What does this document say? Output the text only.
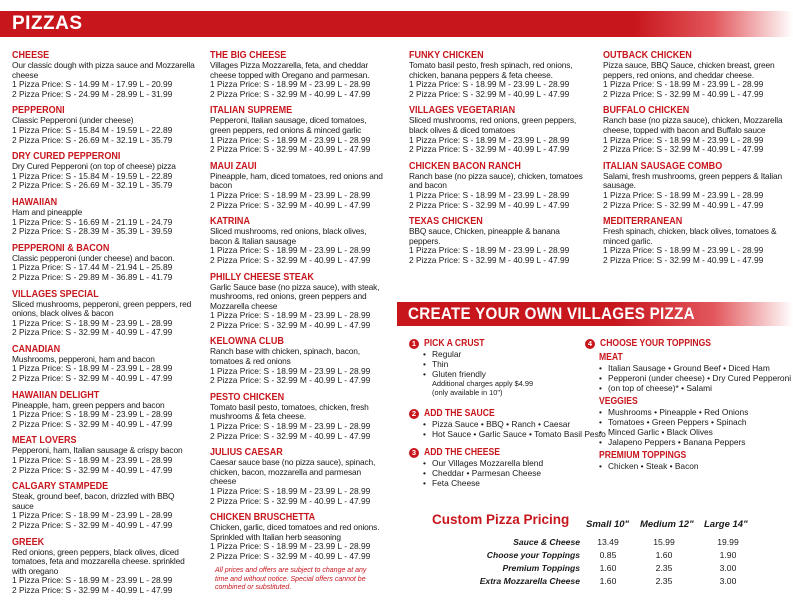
PIZZAS
CHEESE
Our classic dough with pizza sauce and Mozzarella cheese
1 Pizza Price: S - 14.99 M - 17.99 L - 20.99
2 Pizza Price: S - 24.99 M - 28.99 L - 31.99
PEPPERONI
Classic Pepperoni (under cheese)
1 Pizza Price: S - 15.84 M - 19.59 L - 22.89
2 Pizza Price: S - 26.69 M - 32.19 L - 35.79
DRY CURED PEPPERONI
Dry Cured Pepperoni (on top of cheese) pizza
1 Pizza Price: S - 15.84 M - 19.59 L - 22.89
2 Pizza Price: S - 26.69 M - 32.19 L - 35.79
HAWAIIAN
Ham and pineapple
1 Pizza Price: S - 16.69 M - 21.19 L - 24.79
2 Pizza Price: S - 28.39 M - 35.39 L - 39.59
PEPPERONI & BACON
Classic pepperoni (under cheese) and bacon.
1 Pizza Price: S - 17.44 M - 21.94 L - 25.89
2 Pizza Price: S - 29.89 M - 36.89 L - 41.79
VILLAGES SPECIAL
Sliced mushrooms, pepperoni, green peppers, red onions, black olives & bacon
1 Pizza Price: S - 18.99 M - 23.99 L - 28.99
2 Pizza Price: S - 32.99 M - 40.99 L - 47.99
CANADIAN
Mushrooms, pepperoni, ham and bacon
1 Pizza Price: S - 18.99 M - 23.99 L - 28.99
2 Pizza Price: S - 32.99 M - 40.99 L - 47.99
HAWAIIAN DELIGHT
Pineapple, ham, green peppers and bacon
1 Pizza Price: S - 18.99 M - 23.99 L - 28.99
2 Pizza Price: S - 32.99 M - 40.99 L - 47.99
MEAT LOVERS
Pepperoni, ham, Italian sausage & crispy bacon
1 Pizza Price: S - 18.99 M - 23.99 L - 28.99
2 Pizza Price: S - 32.99 M - 40.99 L - 47.99
CALGARY STAMPEDE
Steak, ground beef, bacon, drizzled with BBQ sauce
1 Pizza Price: S - 18.99 M - 23.99 L - 28.99
2 Pizza Price: S - 32.99 M - 40.99 L - 47.99
GREEK
Red onions, green peppers, black olives, diced tomatoes, feta and mozzarella cheese. sprinkled with oregano
1 Pizza Price: S - 18.99 M - 23.99 L - 28.99
2 Pizza Price: S - 32.99 M - 40.99 L - 47.99
THE BIG CHEESE
Villages Pizza Mozzarella, feta, and cheddar cheese topped with Oregano and parmesan.
1 Pizza Price: S - 18.99 M - 23.99 L - 28.99
2 Pizza Price: S - 32.99 M - 40.99 L - 47.99
ITALIAN SUPREME
Pepperoni, Italian sausage, diced tomatoes, green peppers, red onions & minced garlic
1 Pizza Price: S - 18.99 M - 23.99 L - 28.99
2 Pizza Price: S - 32.99 M - 40.99 L - 47.99
MAUI ZAUI
Pineapple, ham, diced tomatoes, red onions and bacon
1 Pizza Price: S - 18.99 M - 23.99 L - 28.99
2 Pizza Price: S - 32.99 M - 40.99 L - 47.99
KATRINA
Sliced mushrooms, red onions, black olives, bacon & Italian sausage
1 Pizza Price: S - 18.99 M - 23.99 L - 28.99
2 Pizza Price: S - 32.99 M - 40.99 L - 47.99
PHILLY CHEESE STEAK
Garlic Sauce base (no pizza sauce), with steak, mushrooms, red onions, green peppers and Mozzarella cheese
1 Pizza Price: S - 18.99 M - 23.99 L - 28.99
2 Pizza Price: S - 32.99 M - 40.99 L - 47.99
KELOWNA CLUB
Ranch base with chicken, spinach, bacon, tomatoes & red onions
1 Pizza Price: S - 18.99 M - 23.99 L - 28.99
2 Pizza Price: S - 32.99 M - 40.99 L - 47.99
PESTO CHICKEN
Tomato basil pesto, tomatoes, chicken, fresh mushrooms & feta cheese.
1 Pizza Price: S - 18.99 M - 23.99 L - 28.99
2 Pizza Price: S - 32.99 M - 40.99 L - 47.99
JULIUS CAESAR
Caesar sauce base (no pizza sauce), spinach, chicken, bacon, mozzarella and parmesan cheese
1 Pizza Price: S - 18.99 M - 23.99 L - 28.99
2 Pizza Price: S - 32.99 M - 40.99 L - 47.99
CHICKEN BRUSCHETTA
Chicken, garlic, diced tomatoes and red onions. Sprinkled with Italian herb seasoning
1 Pizza Price: S - 18.99 M - 23.99 L - 28.99
2 Pizza Price: S - 32.99 M - 40.99 L - 47.99
FUNKY CHICKEN
Tomato basil pesto, fresh spinach, red onions, chicken, banana peppers & feta cheese.
1 Pizza Price: S - 18.99 M - 23.99 L - 28.99
2 Pizza Price: S - 32.99 M - 40.99 L - 47.99
VILLAGES VEGETARIAN
Sliced mushrooms, red onions, green peppers, black olives & diced tomatoes
1 Pizza Price: S - 18.99 M - 23.99 L - 28.99
2 Pizza Price: S - 32.99 M - 40.99 L - 47.99
CHICKEN BACON RANCH
Ranch base (no pizza sauce), chicken, tomatoes and bacon
1 Pizza Price: S - 18.99 M - 23.99 L - 28.99
2 Pizza Price: S - 32.99 M - 40.99 L - 47.99
TEXAS CHICKEN
BBQ sauce, Chicken, pineapple & banana peppers.
1 Pizza Price: S - 18.99 M - 23.99 L - 28.99
2 Pizza Price: S - 32.99 M - 40.99 L - 47.99
OUTBACK CHICKEN
Pizza sauce, BBQ Sauce, chicken breast, green peppers, red onions, and cheddar cheese.
1 Pizza Price: S - 18.99 M - 23.99 L - 28.99
2 Pizza Price: S - 32.99 M - 40.99 L - 47.99
BUFFALO CHICKEN
Ranch base (no pizza sauce), chicken, Mozzarella cheese, topped with bacon and Buffalo sauce
1 Pizza Price: S - 18.99 M - 23.99 L - 28.99
2 Pizza Price: S - 32.99 M - 40.99 L - 47.99
ITALIAN SAUSAGE COMBO
Salami, fresh mushrooms, green peppers & Italian sausage.
1 Pizza Price: S - 18.99 M - 23.99 L - 28.99
2 Pizza Price: S - 32.99 M - 40.99 L - 47.99
MEDITERRANEAN
Fresh spinach, chicken, black olives, tomatoes & minced garlic.
1 Pizza Price: S - 18.99 M - 23.99 L - 28.99
2 Pizza Price: S - 32.99 M - 40.99 L - 47.99
All prices and offers are subject to change at any time and without notice. Special offers cannot be combined or substituted.
CREATE YOUR OWN VILLAGES PIZZA
1 PICK A CRUST
• Regular
• Thin
• Gluten friendly
Additional charges apply $4.99
(only available in 10")
2 ADD THE SAUCE
• Pizza Sauce • BBQ • Ranch • Caesar
• Hot Sauce • Garlic Sauce • Tomato Basil Pesto
3 ADD THE CHEESE
• Our Villages Mozzarella blend
• Cheddar • Parmesan Cheese
• Feta Cheese
4 CHOOSE YOUR TOPPINGS
MEAT
• Italian Sausage • Ground Beef • Diced Ham
• Pepperoni (under cheese) • Dry Cured Pepperoni
• (on top of cheese)* • Salami
VEGGIES
• Mushrooms • Pineapple • Red Onions
• Tomatoes • Green Peppers • Spinach
• Minced Garlic • Black Olives
• Jalapeno Peppers • Banana Peppers
PREMIUM TOPPINGS
• Chicken • Steak • Bacon
Custom Pizza Pricing Small 10" Medium 12" Large 14"
Sauce & Cheese	13.49	15.99	19.99
Choose your Toppings	0.85	1.60	1.90
Premium Toppings	1.60	2.35	3.00
Extra Mozzarella Cheese	1.60	2.35	3.00
